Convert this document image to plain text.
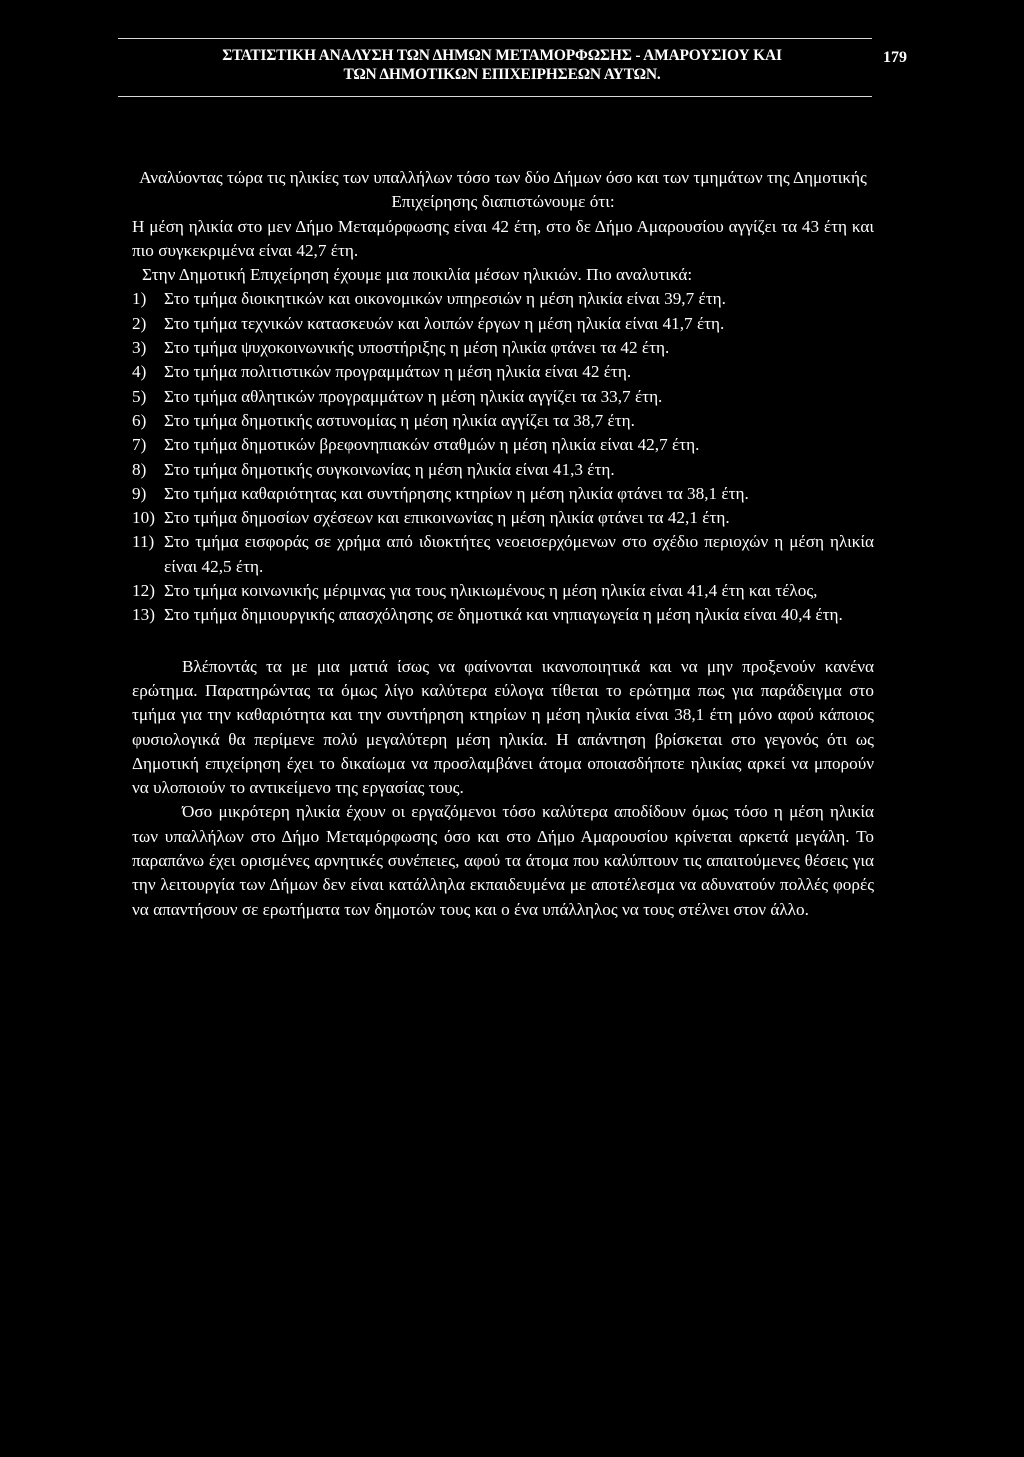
ΣΤΑΤΙΣΤΙΚΗ ΑΝΑΛΥΣΗ ΤΩΝ ΔΗΜΩΝ ΜΕΤΑΜΟΡΦΩΣΗΣ - ΑΜΑΡΟΥΣΙΟΥ ΚΑΙ
ΤΩΝ ΔΗΜΟΤΙΚΩΝ ΕΠΙΧΕΙΡΗΣΕΩΝ ΑΥΤΩΝ.
179

Αναλύοντας τώρα τις ηλικίες των υπαλλήλων τόσο των δύο Δήμων όσο και των τμημάτων της Δημοτικής Επιχείρησης διαπιστώνουμε ότι:

Η μέση ηλικία στο μεν Δήμο Μεταμόρφωσης είναι 42 έτη, στο δε Δήμο Αμαρουσίου αγγίζει τα 43 έτη και πιο συγκεκριμένα είναι 42,7 έτη.

Στην Δημοτική Επιχείρηση έχουμε μια ποικιλία μέσων ηλικιών. Πιο αναλυτικά:

1)	Στο τμήμα διοικητικών και οικονομικών υπηρεσιών η μέση ηλικία είναι 39,7 έτη.
2)	Στο τμήμα τεχνικών κατασκευών και λοιπών έργων η μέση ηλικία είναι 41,7 έτη.
3)	Στο τμήμα ψυχοκοινωνικής υποστήριξης η μέση ηλικία φτάνει τα 42 έτη.
4)	Στο τμήμα πολιτιστικών προγραμμάτων η μέση ηλικία είναι 42 έτη.
5)	Στο τμήμα αθλητικών προγραμμάτων η μέση ηλικία αγγίζει τα 33,7 έτη.
6)	Στο τμήμα δημοτικής αστυνομίας η μέση ηλικία αγγίζει τα 38,7 έτη.
7)	Στο τμήμα δημοτικών βρεφονηπιακών σταθμών η μέση ηλικία είναι 42,7 έτη.
8)	Στο τμήμα δημοτικής συγκοινωνίας η μέση ηλικία είναι 41,3 έτη.
9)	Στο τμήμα καθαριότητας και συντήρησης κτηρίων η μέση ηλικία φτάνει τα 38,1 έτη.
10) Στο τμήμα δημοσίων σχέσεων και επικοινωνίας η μέση ηλικία φτάνει τα 42,1 έτη.
11) Στο τμήμα εισφοράς σε χρήμα από ιδιοκτήτες νεοεισερχόμενων στο σχέδιο περιοχών η μέση ηλικία είναι 42,5 έτη.
12) Στο τμήμα κοινωνικής μέριμνας για τους ηλικιωμένους η μέση ηλικία είναι 41,4 έτη και τέλος,
13) Στο τμήμα δημιουργικής απασχόλησης σε δημοτικά και νηπιαγωγεία η μέση ηλικία είναι 40,4 έτη.

Βλέποντάς τα με μια ματιά ίσως να φαίνονται ικανοποιητικά και να μην προξενούν κανένα ερώτημα. Παρατηρώντας τα όμως λίγο καλύτερα εύλογα τίθεται το ερώτημα πως για παράδειγμα στο τμήμα για την καθαριότητα και την συντήρηση κτηρίων η μέση ηλικία είναι 38,1 έτη μόνο αφού κάποιος φυσιολογικά θα περίμενε πολύ μεγαλύτερη μέση ηλικία. Η απάντηση βρίσκεται στο γεγονός ότι ως Δημοτική επιχείρηση έχει το δικαίωμα να προσλαμβάνει άτομα οποιασδήποτε ηλικίας αρκεί να μπορούν να υλοποιούν το αντικείμενο της εργασίας τους.

Όσο μικρότερη ηλικία έχουν οι εργαζόμενοι τόσο καλύτερα αποδίδουν όμως τόσο η μέση ηλικία των υπαλλήλων στο Δήμο Μεταμόρφωσης όσο και στο Δήμο Αμαρουσίου κρίνεται αρκετά μεγάλη. Το παραπάνω έχει ορισμένες αρνητικές συνέπειες, αφού τα άτομα που καλύπτουν τις απαιτούμενες θέσεις για την λειτουργία των Δήμων δεν είναι κατάλληλα εκπαιδευμένα με αποτέλεσμα να αδυνατούν πολλές φορές να απαντήσουν σε ερωτήματα των δημοτών τους και ο ένα υπάλληλος να τους στέλνει στον άλλο.
